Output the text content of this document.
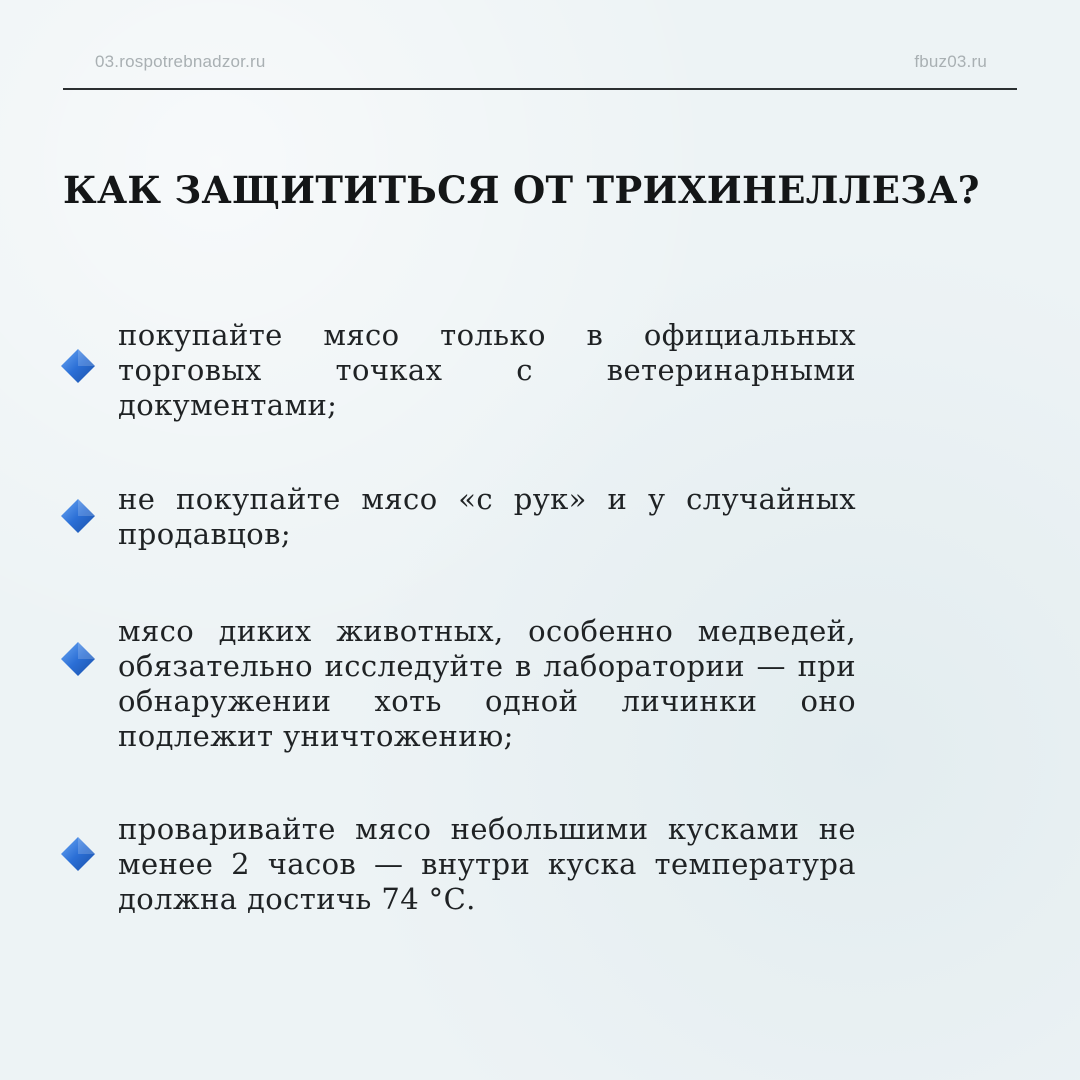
03.rospotrebnadzor.ru	fbuz03.ru
КАК ЗАЩИТИТЬСЯ ОТ ТРИХИНЕЛЛЕЗА?

покупайте мясо только в официальных торговых точках с ветеринарными документами;

не покупайте мясо «с рук» и у случайных продавцов;

мясо диких животных, особенно медведей, обязательно исследуйте в лаборатории — при обнаружении хоть одной личинки оно подлежит уничтожению;

проваривайте мясо небольшими кусками не менее 2 часов — внутри куска температура должна достичь 74 °С.
